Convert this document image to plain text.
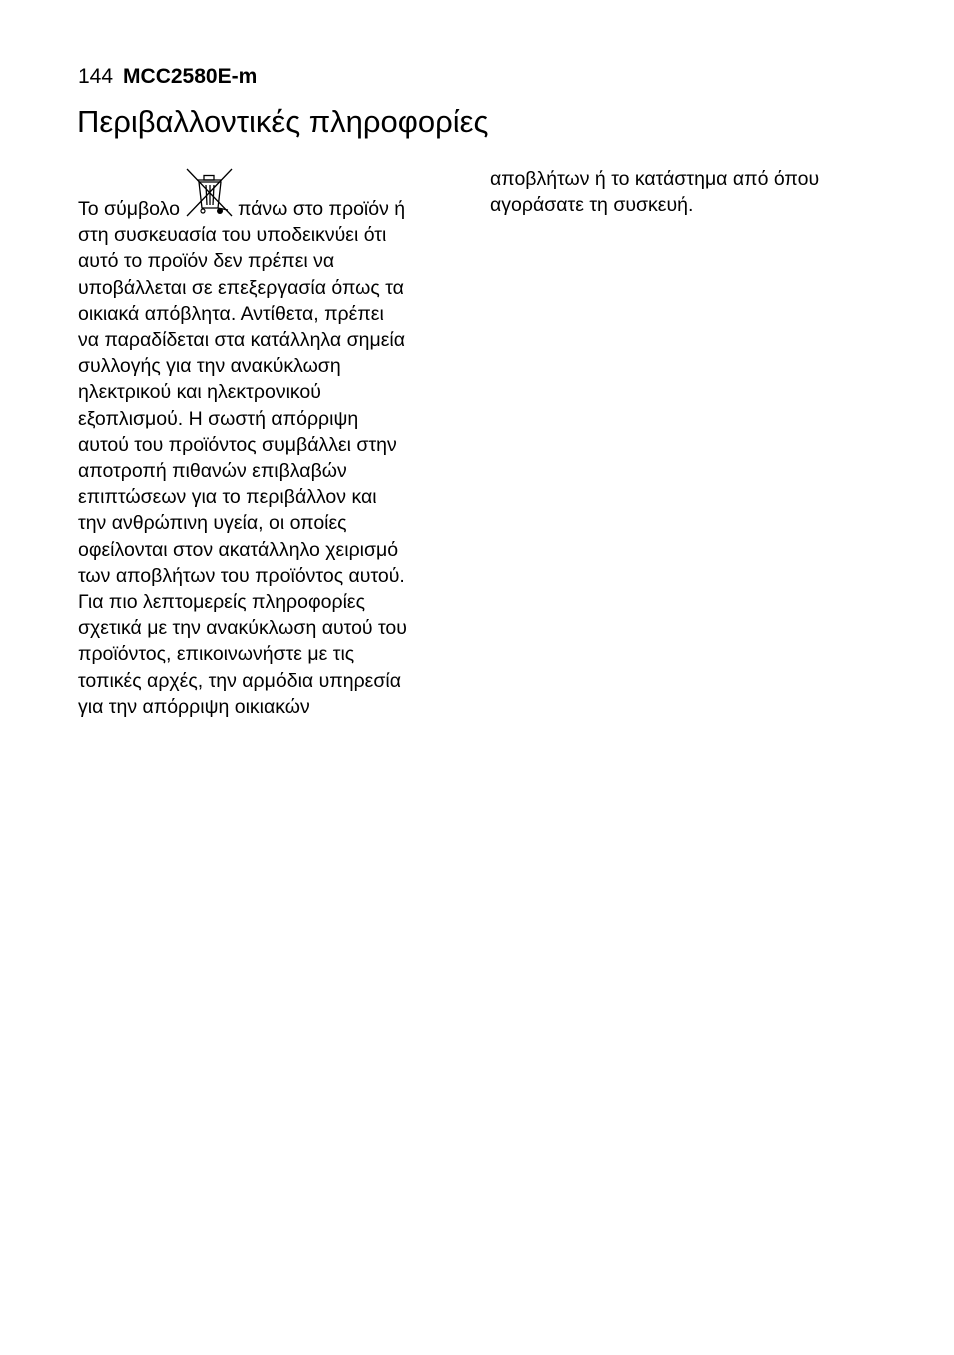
144 MCC2580E-m
Περιβαλλοντικές πληροφορίες
Το σύμβολο	πάνω στο προϊόν ή
στη συσκευασία του υποδεικνύει ότι
αυτό το προϊόν δεν πρέπει να
υποβάλλεται σε επεξεργασία όπως τα
οικιακά απόβλητα. Αντίθετα, πρέπει
να παραδίδεται στα κατάλληλα σημεία
συλλογής για την ανακύκλωση
ηλεκτρικού και ηλεκτρονικού
εξοπλισμού. Η σωστή απόρριψη
αυτού του προϊόντος συμβάλλει στην
αποτροπή πιθανών επιβλαβών
επιπτώσεων για το περιβάλλον και
την ανθρώπινη υγεία, οι οποίες
οφείλονται στον ακατάλληλο χειρισμό
των αποβλήτων του προϊόντος αυτού.
Για πιο λεπτομερείς πληροφορίες
σχετικά με την ανακύκλωση αυτού του
προϊόντος, επικοινωνήστε με τις
τοπικές αρχές, την αρμόδια υπηρεσία
για την απόρριψη οικιακών
αποβλήτων ή το κατάστημα από όπου
αγοράσατε τη συσκευή.
